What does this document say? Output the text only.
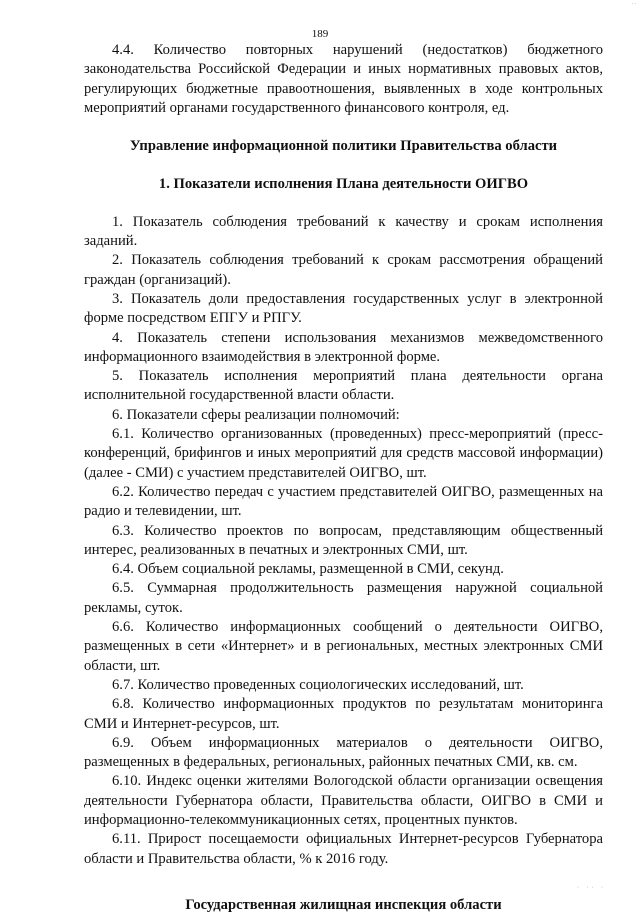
. .
189

4.4. Количество повторных нарушений (недостатков) бюджетного законодательства Российской Федерации и иных нормативных правовых актов, регулирующих бюджетные правоотношения, выявленных в ходе контрольных мероприятий органами государственного финансового контроля, ед.

Управление информационной политики Правительства области

1. Показатели исполнения Плана деятельности ОИГВО

1. Показатель соблюдения требований к качеству и срокам исполнения заданий.

2. Показатель соблюдения требований к срокам рассмотрения обращений граждан (организаций).

3. Показатель доли предоставления государственных услуг в электронной форме посредством ЕПГУ и РПГУ.

4. Показатель степени использования механизмов межведомственного информационного взаимодействия в электронной форме.

5. Показатель исполнения мероприятий плана деятельности органа исполнительной государственной власти области.

6. Показатели сферы реализации полномочий:

6.1. Количество организованных (проведенных) пресс-мероприятий (пресс-конференций, брифингов и иных мероприятий для средств массовой информации) (далее - СМИ) с участием представителей ОИГВО, шт.

6.2. Количество передач с участием представителей ОИГВО, размещенных на радио и телевидении, шт.

6.3. Количество проектов по вопросам, представляющим общественный интерес, реализованных в печатных и электронных СМИ, шт.

6.4. Объем социальной рекламы, размещенной в СМИ, секунд.

6.5. Суммарная продолжительность размещения наружной социальной рекламы, суток.

6.6. Количество информационных сообщений о деятельности ОИГВО, размещенных в сети «Интернет» и в региональных, местных электронных СМИ области, шт.

6.7. Количество проведенных социологических исследований, шт.

6.8. Количество информационных продуктов по результатам мониторинга СМИ и Интернет-ресурсов, шт.

6.9. Объем информационных материалов о деятельности ОИГВО, размещенных в федеральных, региональных, районных печатных СМИ, кв. см.

6.10. Индекс оценки жителями Вологодской области организации освещения деятельности Губернатора области, Правительства области, ОИГВО в СМИ и информационно-телекоммуникационных сетях, процентных пунктов.

6.11. Прирост посещаемости официальных Интернет-ресурсов Губернатора области и Правительства области, % к 2016 году.

Государственная жилищная инспекция области

· ·· ·
